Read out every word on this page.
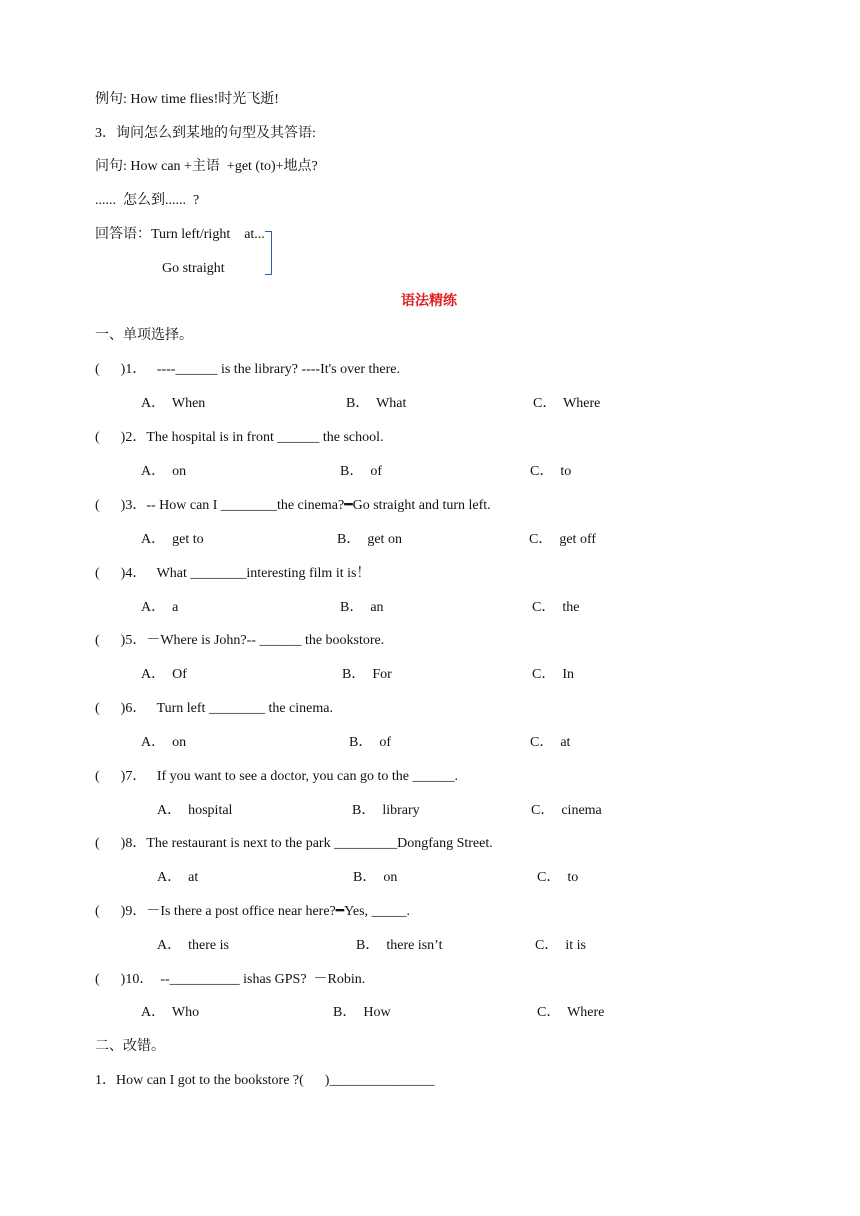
例句: How time flies!时光飞逝!
3．询问怎么到某地的句型及其答语:
问句: How can +主语  +get (to)+地点?
......  怎么到......  ?
回答语：Turn left/right    at...
Go straight
语法精练
一、单项选择。
(      )1．   ----______ is the library? ----It's over there.
A．  When	B．  What	C．  Where
(      )2．The hospital is in front ______ the school.
A．  on	B．  of	C．  to
(      )3．-- How can I ________the cinema?━Go straight and turn left.
A．  get to	B．  get on	C．  get off
(      )4．   What ________interesting film it is！
A．  a	B．  an	C．  the
(      )5．－Where is John?-- ______ the bookstore.
A．  Of	B．  For	C．  In
(      )6．   Turn left ________ the cinema.
A．  on	B．  of	C．  at
(      )7．   If you want to see a doctor, you can go to the ______.
A．  hospital	B．  library	C．  cinema
(      )8．The restaurant is next to the park _________Dongfang Street.
A．  at	B．  on	C．  to
(      )9．－Is there a post office near here?━Yes, _____.
A．  there is	B．  there isn’t	C．  it is
(      )10．  --__________ ishas GPS?  －Robin.
A．  Who	B．  How	C．  Where
二、改错。
1．How can I got to the bookstore ?(      )_______________
